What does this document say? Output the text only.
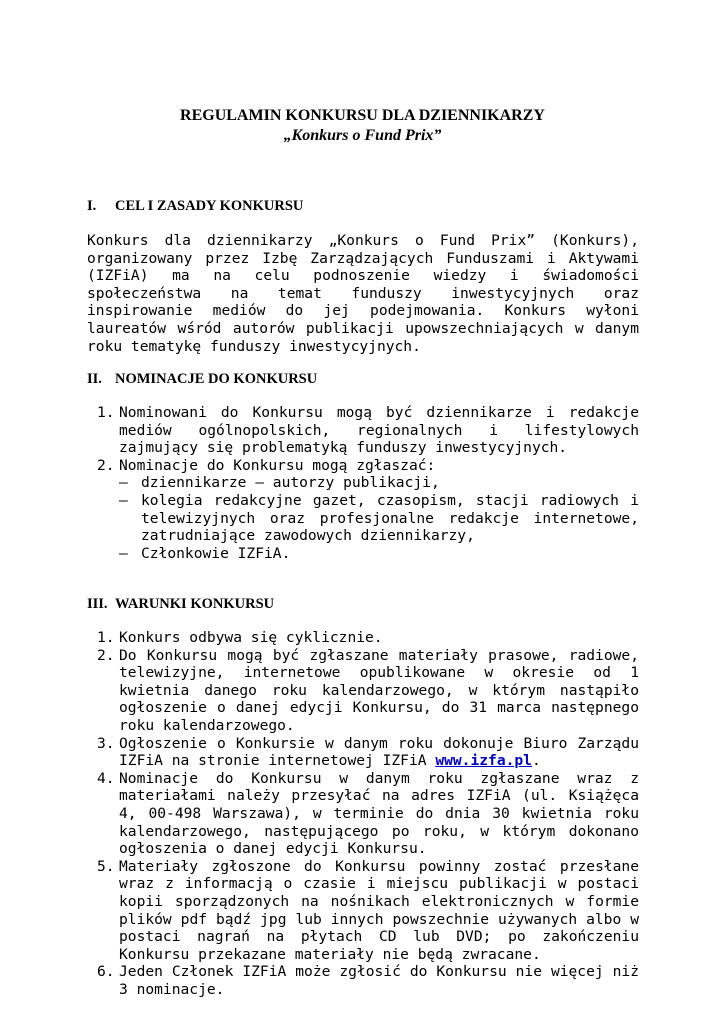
REGULAMIN KONKURSU DLA DZIENNIKARZY
„Konkurs o Fund Prix”
I. CEL I ZASADY KONKURSU
Konkurs dla dziennikarzy „Konkurs o Fund Prix” (Konkurs), organizowany przez Izbę Zarządzających Funduszami i Aktywami (IZFiA) ma na celu podnoszenie wiedzy i świadomości społeczeństwa na temat funduszy inwestycyjnych oraz inspirowanie mediów do jej podejmowania. Konkurs wyłoni laureatów wśród autorów publikacji upowszechniających w danym roku tematykę funduszy inwestycyjnych.
II. NOMINACJE DO KONKURSU
1. Nominowani do Konkursu mogą być dziennikarze i redakcje mediów ogólnopolskich, regionalnych i lifestylowych zajmujący się problematyką funduszy inwestycyjnych.
2. Nominacje do Konkursu mogą zgłaszać:
– dziennikarze – autorzy publikacji,
– kolegia redakcyjne gazet, czasopism, stacji radiowych i telewizyjnych oraz profesjonalne redakcje internetowe, zatrudniające zawodowych dziennikarzy,
– Członkowie IZFiA.
III. WARUNKI KONKURSU
1. Konkurs odbywa się cyklicznie.
2. Do Konkursu mogą być zgłaszane materiały prasowe, radiowe, telewizyjne, internetowe opublikowane w okresie od 1 kwietnia danego roku kalendarzowego, w którym nastąpiło ogłoszenie o danej edycji Konkursu, do 31 marca następnego roku kalendarzowego.
3. Ogłoszenie o Konkursie w danym roku dokonuje Biuro Zarządu IZFiA na stronie internetowej IZFiA www.izfa.pl.
4. Nominacje do Konkursu w danym roku zgłaszane wraz z materiałami należy przesyłać na adres IZFiA (ul. Książęca 4, 00-498 Warszawa), w terminie do dnia 30 kwietnia roku kalendarzowego, następującego po roku, w którym dokonano ogłoszenia o danej edycji Konkursu.
5. Materiały zgłoszone do Konkursu powinny zostać przesłane wraz z informacją o czasie i miejscu publikacji w postaci kopii sporządzonych na nośnikach elektronicznych w formie plików pdf bądź jpg lub innych powszechnie używanych albo w postaci nagrań na płytach CD lub DVD; po zakończeniu Konkursu przekazane materiały nie będą zwracane.
6. Jeden Członek IZFiA może zgłosić do Konkursu nie więcej niż 3 nominacje.
